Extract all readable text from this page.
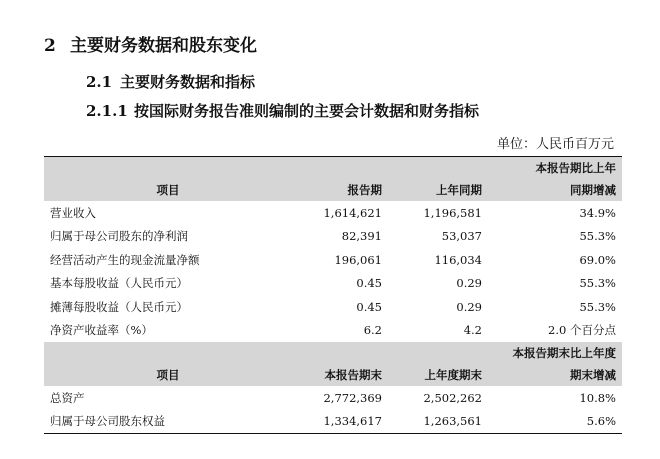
2 主要财务数据和股东变化
2.1 主要财务数据和指标
2.1.1 按国际财务报告准则编制的主要会计数据和财务指标
单位：人民币百万元
			本报告期比上年
项目	报告期	上年同期	同期增减
营业收入	1,614,621	1,196,581	34.9%
归属于母公司股东的净利润	82,391	53,037	55.3%
经营活动产生的现金流量净额	196,061	116,034	69.0%
基本每股收益（人民币元）	0.45	0.29	55.3%
摊薄每股收益（人民币元）	0.45	0.29	55.3%
净资产收益率（%）	6.2	4.2	2.0 个百分点
			本报告期末比上年度
项目	本报告期末	上年度期末	期末增减
总资产	2,772,369	2,502,262	10.8%
归属于母公司股东权益	1,334,617	1,263,561	5.6%
